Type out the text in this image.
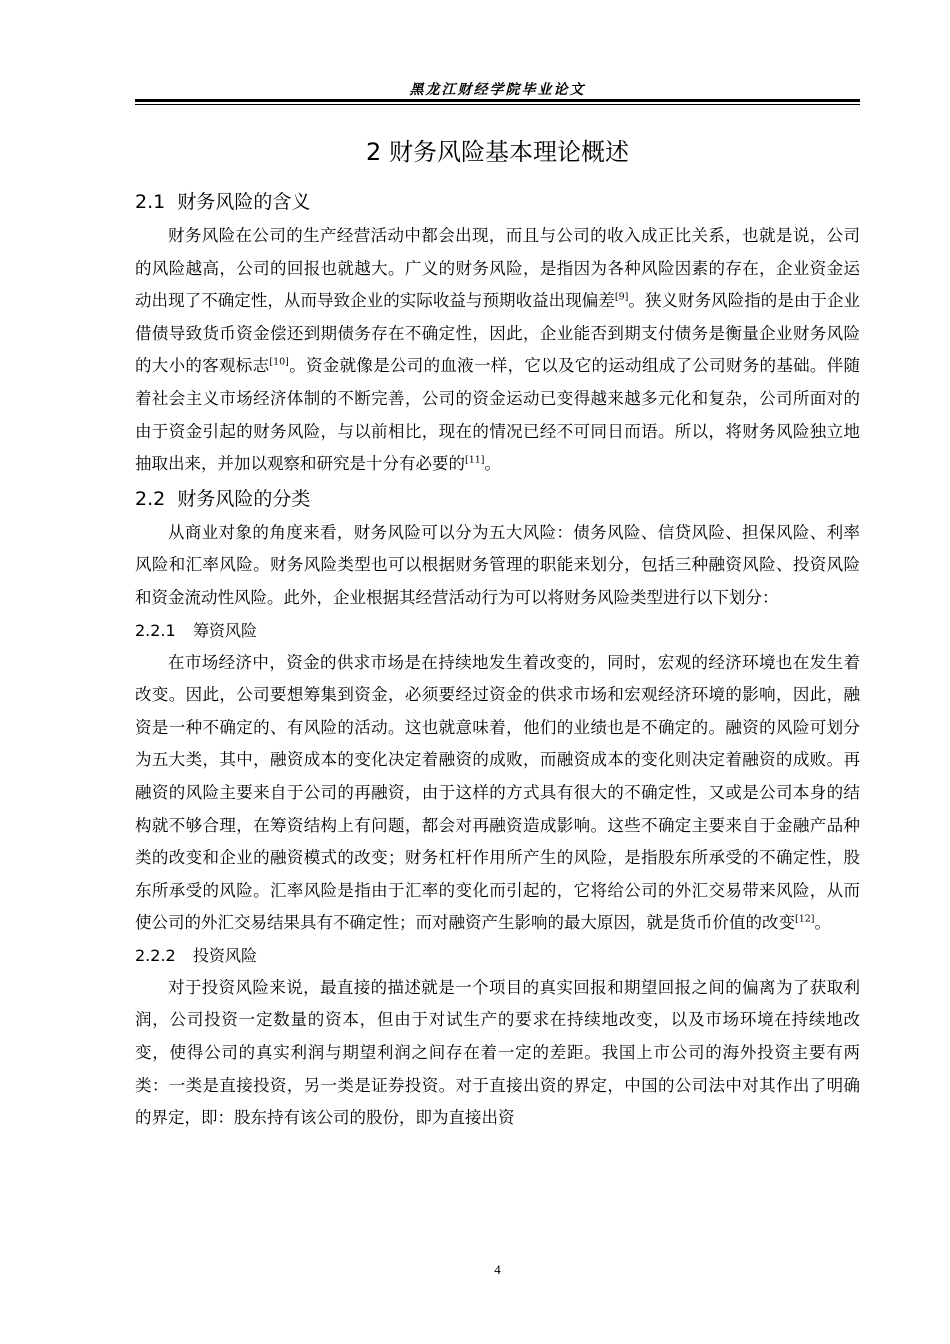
黑龙江财经学院毕业论文
2 财务风险基本理论概述
2.1 财务风险的含义

财务风险在公司的生产经营活动中都会出现，而且与公司的收入成正比关系，也就是说，公司的风险越高，公司的回报也就越大。广义的财务风险，是指因为各种风险因素的存在，企业资金运动出现了不确定性，从而导致企业的实际收益与预期收益出现偏差[9]。狭义财务风险指的是由于企业借债导致货币资金偿还到期债务存在不确定性，因此，企业能否到期支付债务是衡量企业财务风险的大小的客观标志[10]。资金就像是公司的血液一样，它以及它的运动组成了公司财务的基础。伴随着社会主义市场经济体制的不断完善，公司的资金运动已变得越来越多元化和复杂，公司所面对的由于资金引起的财务风险，与以前相比，现在的情况已经不可同日而语。所以，将财务风险独立地抽取出来，并加以观察和研究是十分有必要的[11]。

2.2 财务风险的分类

从商业对象的角度来看，财务风险可以分为五大风险：债务风险、信贷风险、担保风险、利率风险和汇率风险。财务风险类型也可以根据财务管理的职能来划分，包括三种融资风险、投资风险和资金流动性风险。此外，企业根据其经营活动行为可以将财务风险类型进行以下划分：

2.2.1 筹资风险

在市场经济中，资金的供求市场是在持续地发生着改变的，同时，宏观的经济环境也在发生着改变。因此，公司要想筹集到资金，必须要经过资金的供求市场和宏观经济环境的影响，因此，融资是一种不确定的、有风险的活动。这也就意味着，他们的业绩也是不确定的。融资的风险可划分为五大类，其中，融资成本的变化决定着融资的成败，而融资成本的变化则决定着融资的成败。再融资的风险主要来自于公司的再融资，由于这样的方式具有很大的不确定性，又或是公司本身的结构就不够合理，在筹资结构上有问题，都会对再融资造成影响。这些不确定主要来自于金融产品种类的改变和企业的融资模式的改变；财务杠杆作用所产生的风险，是指股东所承受的不确定性，股东所承受的风险。汇率风险是指由于汇率的变化而引起的，它将给公司的外汇交易带来风险，从而使公司的外汇交易结果具有不确定性；而对融资产生影响的最大原因，就是货币价值的改变[12]。

2.2.2 投资风险

对于投资风险来说，最直接的描述就是一个项目的真实回报和期望回报之间的偏离为了获取利润，公司投资一定数量的资本，但由于对试生产的要求在持续地改变，以及市场环境在持续地改变，使得公司的真实利润与期望利润之间存在着一定的差距。我国上市公司的海外投资主要有两类：一类是直接投资，另一类是证券投资。对于直接出资的界定，中国的公司法中对其作出了明确的界定，即：股东持有该公司的股份，即为直接出资

4
